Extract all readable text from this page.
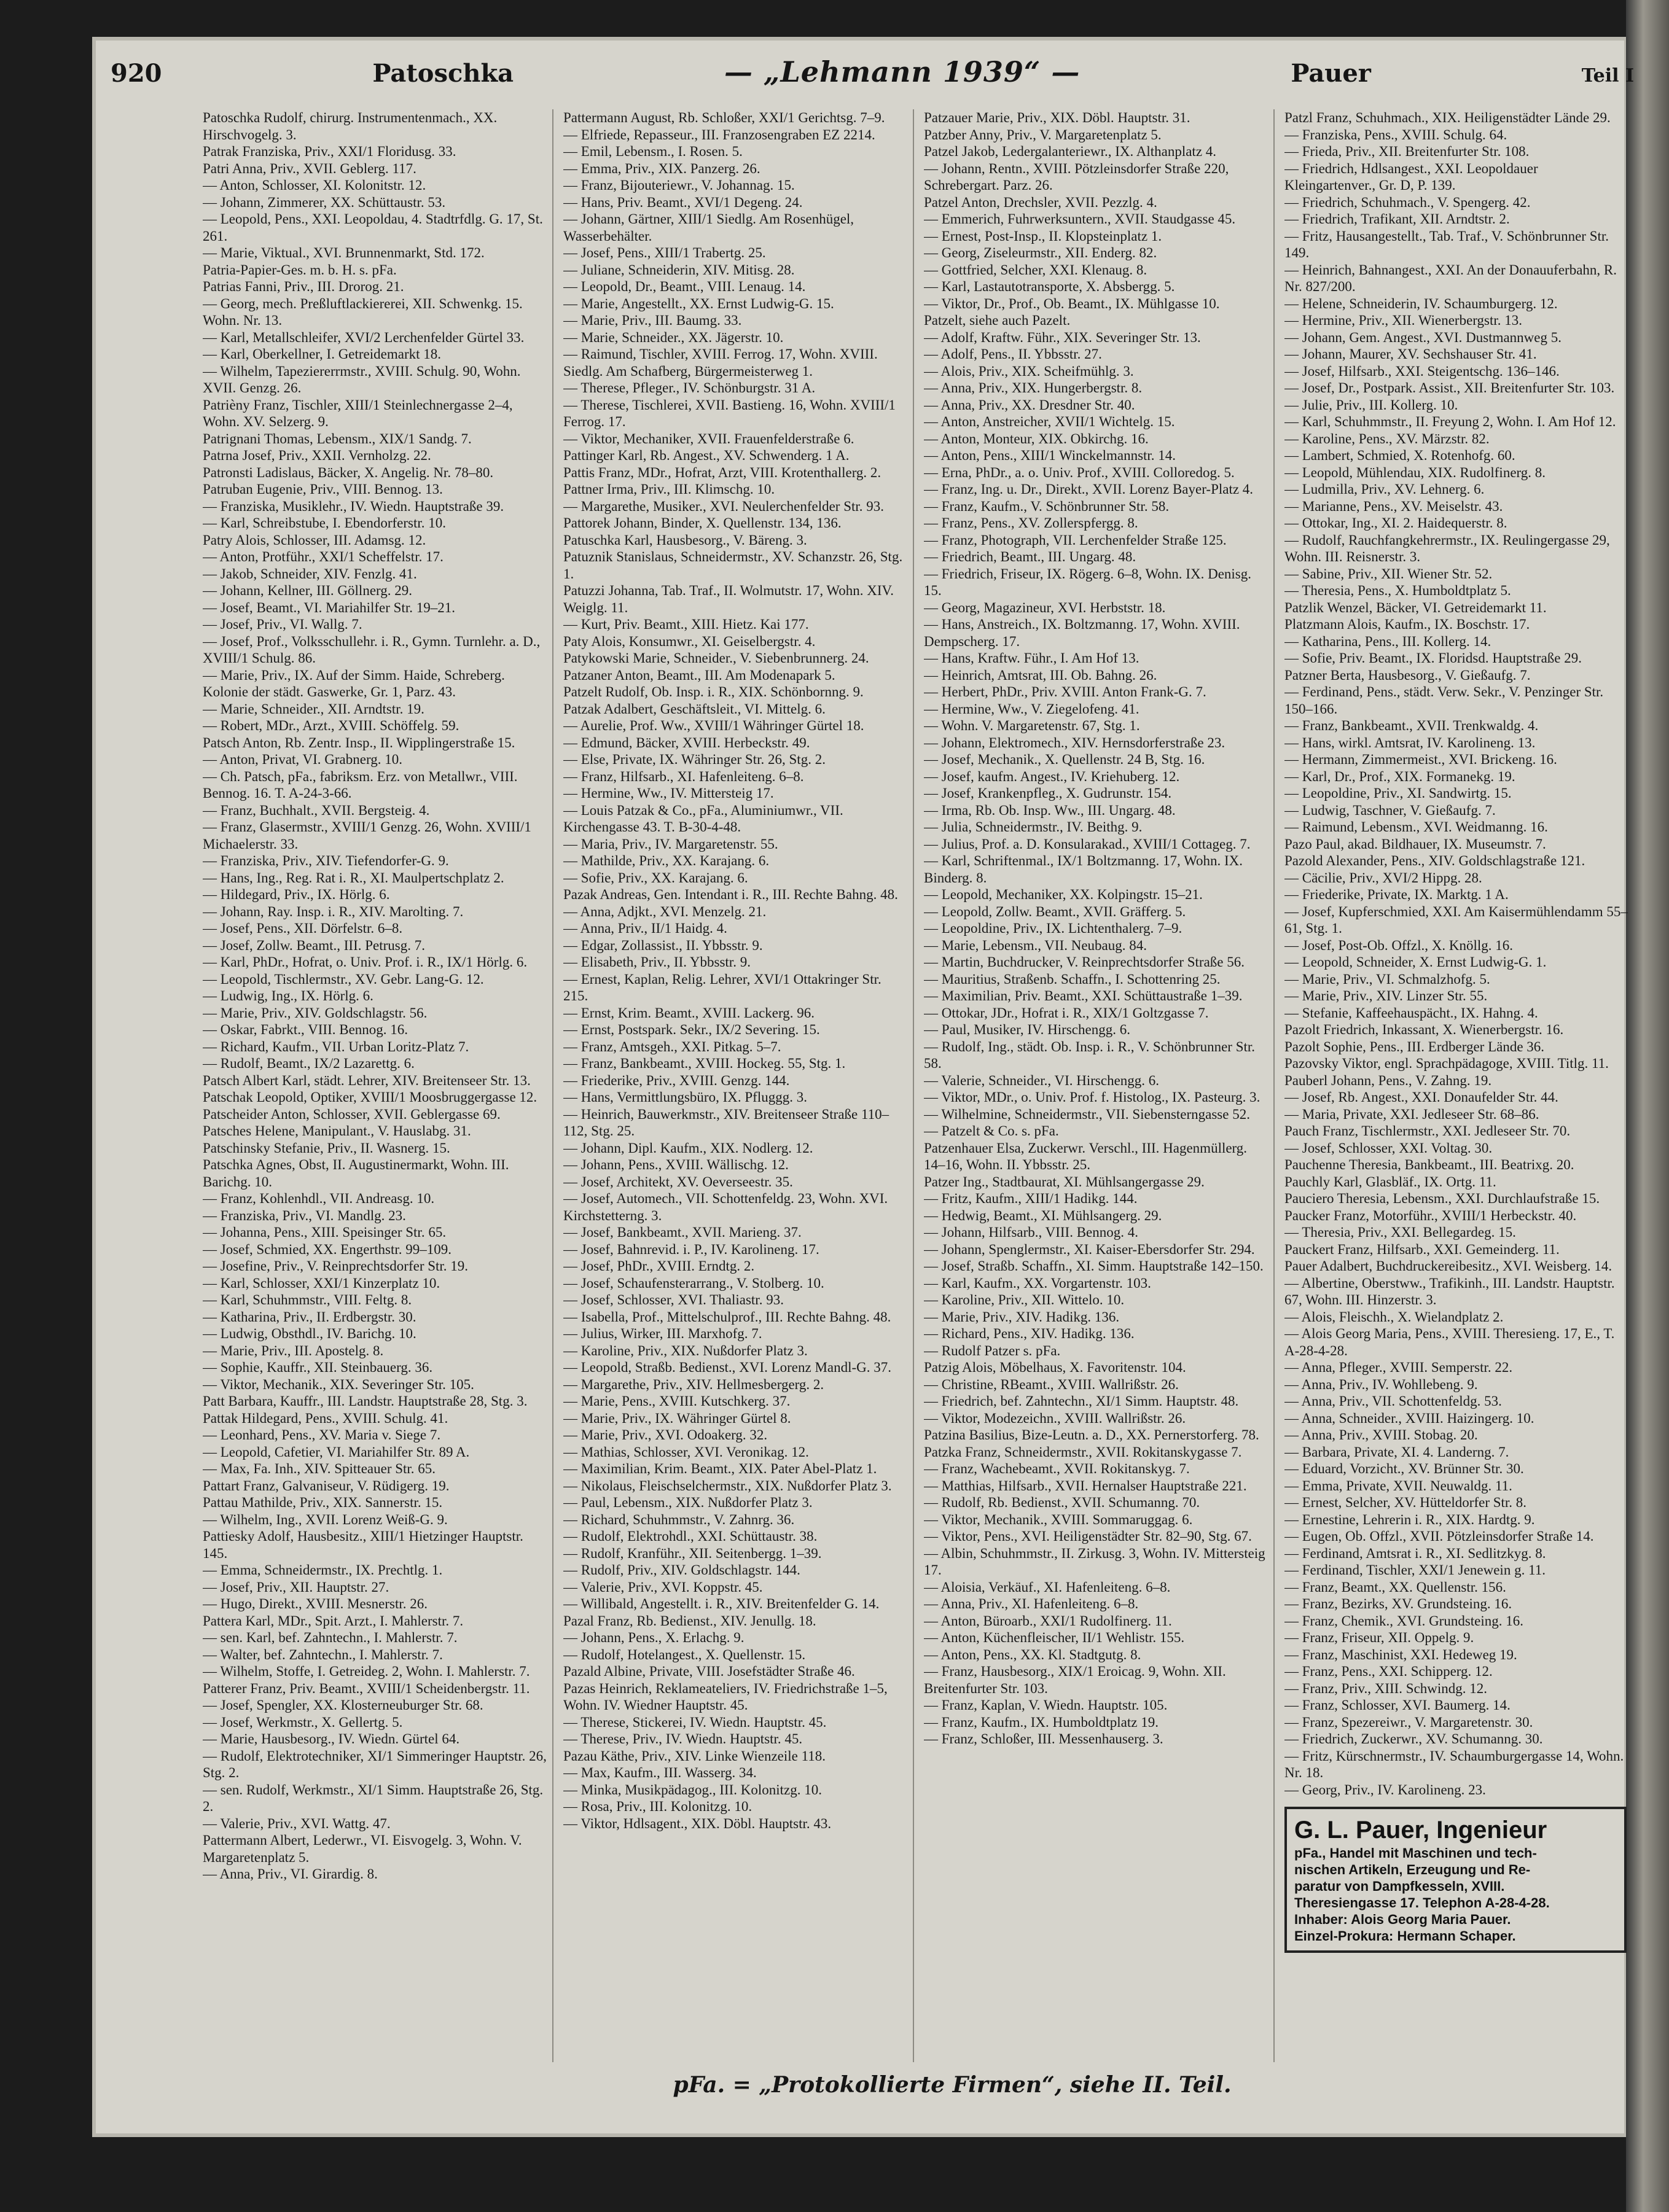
920	Patoschka	— „Lehmann 1939“ —	Pauer	Teil I

Patoschka Rudolf, chirurg. Instrumentenmach., XX. Hirschvogelg. 3.

Patrak Franziska, Priv., XXI/1 Floridusg. 33.

Patri Anna, Priv., XVII. Geblerg. 117.

— Anton, Schlosser, XI. Kolonitstr. 12.

— Johann, Zimmerer, XX. Schüttaustr. 53.

— Leopold, Pens., XXI. Leopoldau, 4. Stadtrfdlg. G. 17, St. 261.

— Marie, Viktual., XVI. Brunnenmarkt, Std. 172.

Patria-Papier-Ges. m. b. H. s. pFa.

Patrias Fanni, Priv., III. Drorog. 21.

— Georg, mech. Preßluftlackiererei, XII. Schwenkg. 15. Wohn. Nr. 13.

— Karl, Metallschleifer, XVI/2 Lerchenfelder Gürtel 33.

— Karl, Oberkellner, I. Getreidemarkt 18.

— Wilhelm, Tapeziererrmstr., XVIII. Schulg. 90, Wohn. XVII. Genzg. 26.

Patrièny Franz, Tischler, XIII/1 Steinlechnergasse 2–4, Wohn. XV. Selzerg. 9.

Patrignani Thomas, Lebensm., XIX/1 Sandg. 7.

Patrna Josef, Priv., XXII. Vernholzg. 22.

Patronsti Ladislaus, Bäcker, X. Angelig. Nr. 78–80.

Patruban Eugenie, Priv., VIII. Bennog. 13.

— Franziska, Musiklehr., IV. Wiedn. Hauptstraße 39.

— Karl, Schreibstube, I. Ebendorferstr. 10.

Patry Alois, Schlosser, III. Adamsg. 12.

— Anton, Protführ., XXI/1 Scheffelstr. 17.

— Jakob, Schneider, XIV. Fenzlg. 41.

— Johann, Kellner, III. Göllnerg. 29.

— Josef, Beamt., VI. Mariahilfer Str. 19–21.

— Josef, Priv., VI. Wallg. 7.

— Josef, Prof., Volksschullehr. i. R., Gymn. Turnlehr. a. D., XVIII/1 Schulg. 86.

— Marie, Priv., IX. Auf der Simm. Haide, Schreberg. Kolonie der städt. Gaswerke, Gr. 1, Parz. 43.

— Marie, Schneider., XII. Arndtstr. 19.

— Robert, MDr., Arzt., XVIII. Schöffelg. 59.

Patsch Anton, Rb. Zentr. Insp., II. Wipplingerstraße 15.

— Anton, Privat, VI. Grabnerg. 10.

— Ch. Patsch, pFa., fabriksm. Erz. von Metallwr., VIII. Bennog. 16. T. A-24-3-66.

— Franz, Buchhalt., XVII. Bergsteig. 4.

— Franz, Glasermstr., XVIII/1 Genzg. 26, Wohn. XVIII/1 Michaelerstr. 33.

— Franziska, Priv., XIV. Tiefendorfer-G. 9.

— Hans, Ing., Reg. Rat i. R., XI. Maulpertschplatz 2.

— Hildegard, Priv., IX. Hörlg. 6.

— Johann, Ray. Insp. i. R., XIV. Marolting. 7.

— Josef, Pens., XII. Dörfelstr. 6–8.

— Josef, Zollw. Beamt., III. Petrusg. 7.

— Karl, PhDr., Hofrat, o. Univ. Prof. i. R., IX/1 Hörlg. 6.

— Leopold, Tischlermstr., XV. Gebr. Lang-G. 12.

— Ludwig, Ing., IX. Hörlg. 6.

— Marie, Priv., XIV. Goldschlagstr. 56.

— Oskar, Fabrkt., VIII. Bennog. 16.

— Richard, Kaufm., VII. Urban Loritz-Platz 7.

— Rudolf, Beamt., IX/2 Lazarettg. 6.

Patsch Albert Karl, städt. Lehrer, XIV. Breitenseer Str. 13.

Patschak Leopold, Optiker, XVIII/1 Moosbruggergasse 12.

Patscheider Anton, Schlosser, XVII. Geblergasse 69.

Patsches Helene, Manipulant., V. Hauslabg. 31.

Patschinsky Stefanie, Priv., II. Wasnerg. 15.

Patschka Agnes, Obst, II. Augustinermarkt, Wohn. III. Barichg. 10.

— Franz, Kohlenhdl., VII. Andreasg. 10.

— Franziska, Priv., VI. Mandlg. 23.

— Johanna, Pens., XIII. Speisinger Str. 65.

— Josef, Schmied, XX. Engerthstr. 99–109.

— Josefine, Priv., V. Reinprechtsdorfer Str. 19.

— Karl, Schlosser, XXI/1 Kinzerplatz 10.

— Karl, Schuhmmstr., VIII. Feltg. 8.

— Katharina, Priv., II. Erdbergstr. 30.

— Ludwig, Obsthdl., IV. Barichg. 10.

— Marie, Priv., III. Apostelg. 8.

— Sophie, Kauffr., XII. Steinbauerg. 36.

— Viktor, Mechanik., XIX. Severinger Str. 105.

Patt Barbara, Kauffr., III. Landstr. Hauptstraße 28, Stg. 3.

Pattak Hildegard, Pens., XVIII. Schulg. 41.

— Leonhard, Pens., XV. Maria v. Siege 7.

— Leopold, Cafetier, VI. Mariahilfer Str. 89 A.

— Max, Fa. Inh., XIV. Spitteauer Str. 65.

Pattart Franz, Galvaniseur, V. Rüdigerg. 19.

Pattau Mathilde, Priv., XIX. Sannerstr. 15.

— Wilhelm, Ing., XVII. Lorenz Weiß-G. 9.

Pattiesky Adolf, Hausbesitz., XIII/1 Hietzinger Hauptstr. 145.

— Emma, Schneidermstr., IX. Prechtlg. 1.

— Josef, Priv., XII. Hauptstr. 27.

— Hugo, Direkt., XVIII. Mesnerstr. 26.

Pattera Karl, MDr., Spit. Arzt., I. Mahlerstr. 7.

— sen. Karl, bef. Zahntechn., I. Mahlerstr. 7.

— Walter, bef. Zahntechn., I. Mahlerstr. 7.

— Wilhelm, Stoffe, I. Getreideg. 2, Wohn. I. Mahlerstr. 7.

Patterer Franz, Priv. Beamt., XVIII/1 Scheidenbergstr. 11.

— Josef, Spengler, XX. Klosterneuburger Str. 68.

— Josef, Werkmstr., X. Gellertg. 5.

— Marie, Hausbesorg., IV. Wiedn. Gürtel 64.

— Rudolf, Elektrotechniker, XI/1 Simmeringer Hauptstr. 26, Stg. 2.

— sen. Rudolf, Werkmstr., XI/1 Simm. Hauptstraße 26, Stg. 2.

— Valerie, Priv., XVI. Wattg. 47.

Pattermann Albert, Lederwr., VI. Eisvogelg. 3, Wohn. V. Margaretenplatz 5.

— Anna, Priv., VI. Girardig. 8.

Pattermann August, Rb. Schloßer, XXI/1 Gerichtsg. 7–9.

— Elfriede, Repasseur., III. Franzosengraben EZ 2214.

— Emil, Lebensm., I. Rosen. 5.

— Emma, Priv., XIX. Panzerg. 26.

— Franz, Bijouteriewr., V. Johannag. 15.

— Hans, Priv. Beamt., XVI/1 Degeng. 24.

— Johann, Gärtner, XIII/1 Siedlg. Am Rosenhügel, Wasserbehälter.

— Josef, Pens., XIII/1 Trabertg. 25.

— Juliane, Schneiderin, XIV. Mitisg. 28.

— Leopold, Dr., Beamt., VIII. Lenaug. 14.

— Marie, Angestellt., XX. Ernst Ludwig-G. 15.

— Marie, Priv., III. Baumg. 33.

— Marie, Schneider., XX. Jägerstr. 10.

— Raimund, Tischler, XVIII. Ferrog. 17, Wohn. XVIII. Siedlg. Am Schafberg, Bürgermeisterweg 1.

— Therese, Pfleger., IV. Schönburgstr. 31 A.

— Therese, Tischlerei, XVII. Bastieng. 16, Wohn. XVIII/1 Ferrog. 17.

— Viktor, Mechaniker, XVII. Frauenfelderstraße 6.

Pattinger Karl, Rb. Angest., XV. Schwenderg. 1 A.

Pattis Franz, MDr., Hofrat, Arzt, VIII. Krotenthallerg. 2.

Pattner Irma, Priv., III. Klimschg. 10.

— Margarethe, Musiker., XVI. Neulerchenfelder Str. 93.

Pattorek Johann, Binder, X. Quellenstr. 134, 136.

Patuschka Karl, Hausbesorg., V. Bäreng. 3.

Patuznik Stanislaus, Schneidermstr., XV. Schanzstr. 26, Stg. 1.

Patuzzi Johanna, Tab. Traf., II. Wolmutstr. 17, Wohn. XIV. Weiglg. 11.

— Kurt, Priv. Beamt., XIII. Hietz. Kai 177.

Paty Alois, Konsumwr., XI. Geiselbergstr. 4.

Patykowski Marie, Schneider., V. Siebenbrunnerg. 24.

Patzaner Anton, Beamt., III. Am Modenapark 5.

Patzelt Rudolf, Ob. Insp. i. R., XIX. Schönbornng. 9.

Patzak Adalbert, Geschäftsleit., VI. Mittelg. 6.

— Aurelie, Prof. Ww., XVIII/1 Währinger Gürtel 18.

— Edmund, Bäcker, XVIII. Herbeckstr. 49.

— Else, Private, IX. Währinger Str. 26, Stg. 2.

— Franz, Hilfsarb., XI. Hafenleiteng. 6–8.

— Hermine, Ww., IV. Mittersteig 17.

— Louis Patzak & Co., pFa., Aluminiumwr., VII. Kirchengasse 43. T. B-30-4-48.

— Maria, Priv., IV. Margaretenstr. 55.

— Mathilde, Priv., XX. Karajang. 6.

— Sofie, Priv., XX. Karajang. 6.

Pazak Andreas, Gen. Intendant i. R., III. Rechte Bahng. 48.

— Anna, Adjkt., XVI. Menzelg. 21.

— Anna, Priv., II/1 Haidg. 4.

— Edgar, Zollassist., II. Ybbsstr. 9.

— Elisabeth, Priv., II. Ybbsstr. 9.

— Ernest, Kaplan, Relig. Lehrer, XVI/1 Ottakringer Str. 215.

— Ernst, Krim. Beamt., XVIII. Lackerg. 96.

— Ernst, Postspark. Sekr., IX/2 Severing. 15.

— Franz, Amtsgeh., XXI. Pitkag. 5–7.

— Franz, Bankbeamt., XVIII. Hockeg. 55, Stg. 1.

— Friederike, Priv., XVIII. Genzg. 144.

— Hans, Vermittlungsbüro, IX. Pfluggg. 3.

— Heinrich, Bauwerkmstr., XIV. Breitenseer Straße 110–112, Stg. 25.

— Johann, Dipl. Kaufm., XIX. Nodlerg. 12.

— Johann, Pens., XVIII. Wällischg. 12.

— Josef, Architekt, XV. Oeverseestr. 35.

— Josef, Automech., VII. Schottenfeldg. 23, Wohn. XVI. Kirchstetterng. 3.

— Josef, Bankbeamt., XVII. Marieng. 37.

— Josef, Bahnrevid. i. P., IV. Karolineng. 17.

— Josef, PhDr., XVIII. Erndtg. 2.

— Josef, Schaufensterarrang., V. Stolberg. 10.

— Josef, Schlosser, XVI. Thaliastr. 93.

— Isabella, Prof., Mittelschulprof., III. Rechte Bahng. 48.

— Julius, Wirker, III. Marxhofg. 7.

— Karoline, Priv., XIX. Nußdorfer Platz 3.

— Leopold, Straßb. Bedienst., XVI. Lorenz Mandl-G. 37.

— Margarethe, Priv., XIV. Hellmesbergerg. 2.

— Marie, Pens., XVIII. Kutschkerg. 37.

— Marie, Priv., IX. Währinger Gürtel 8.

— Marie, Priv., XVI. Odoakerg. 32.

— Mathias, Schlosser, XVI. Veronikag. 12.

— Maximilian, Krim. Beamt., XIX. Pater Abel-Platz 1.

— Nikolaus, Fleischselchermstr., XIX. Nußdorfer Platz 3.

— Paul, Lebensm., XIX. Nußdorfer Platz 3.

— Richard, Schuhmmstr., V. Zahnrg. 36.

— Rudolf, Elektrohdl., XXI. Schüttaustr. 38.

— Rudolf, Kranführ., XII. Seitenbergg. 1–39.

— Rudolf, Priv., XIV. Goldschlagstr. 144.

— Valerie, Priv., XVI. Koppstr. 45.

— Willibald, Angestellt. i. R., XIV. Breitenfelder G. 14.

Pazal Franz, Rb. Bedienst., XIV. Jenullg. 18.

— Johann, Pens., X. Erlachg. 9.

— Rudolf, Hotelangest., X. Quellenstr. 15.

Pazald Albine, Private, VIII. Josefstädter Straße 46.

Pazas Heinrich, Reklameateliers, IV. Friedrichstraße 1–5, Wohn. IV. Wiedner Hauptstr. 45.

— Therese, Stickerei, IV. Wiedn. Hauptstr. 45.

— Therese, Priv., IV. Wiedn. Hauptstr. 45.

Pazau Käthe, Priv., XIV. Linke Wienzeile 118.

— Max, Kaufm., III. Wasserg. 34.

— Minka, Musikpädagog., III. Kolonitzg. 10.

— Rosa, Priv., III. Kolonitzg. 10.

— Viktor, Hdlsagent., XIX. Döbl. Hauptstr. 43.

Patzauer Marie, Priv., XIX. Döbl. Hauptstr. 31.

Patzber Anny, Priv., V. Margaretenplatz 5.

Patzel Jakob, Ledergalanteriewr., IX. Althanplatz 4.

— Johann, Rentn., XVIII. Pötzleinsdorfer Straße 220, Schrebergart. Parz. 26.

Patzel Anton, Drechsler, XVII. Pezzlg. 4.

— Emmerich, Fuhrwerksuntern., XVII. Staudgasse 45.

— Ernest, Post-Insp., II. Klopsteinplatz 1.

— Georg, Ziseleurmstr., XII. Enderg. 82.

— Gottfried, Selcher, XXI. Klenaug. 8.

— Karl, Lastautotransporte, X. Absbergg. 5.

— Viktor, Dr., Prof., Ob. Beamt., IX. Mühlgasse 10.

Patzelt, siehe auch Pazelt.

— Adolf, Kraftw. Führ., XIX. Severinger Str. 13.

— Adolf, Pens., II. Ybbsstr. 27.

— Alois, Priv., XIX. Scheifmühlg. 3.

— Anna, Priv., XIX. Hungerbergstr. 8.

— Anna, Priv., XX. Dresdner Str. 40.

— Anton, Anstreicher, XVII/1 Wichtelg. 15.

— Anton, Monteur, XIX. Obkirchg. 16.

— Anton, Pens., XIII/1 Winckelmannstr. 14.

— Erna, PhDr., a. o. Univ. Prof., XVIII. Colloredog. 5.

— Franz, Ing. u. Dr., Direkt., XVII. Lorenz Bayer-Platz 4.

— Franz, Kaufm., V. Schönbrunner Str. 58.

— Franz, Pens., XV. Zollerspfergg. 8.

— Franz, Photograph, VII. Lerchenfelder Straße 125.

— Friedrich, Beamt., III. Ungarg. 48.

— Friedrich, Friseur, IX. Rögerg. 6–8, Wohn. IX. Denisg. 15.

— Georg, Magazineur, XVI. Herbststr. 18.

— Hans, Anstreich., IX. Boltzmanng. 17, Wohn. XVIII. Dempscherg. 17.

— Hans, Kraftw. Führ., I. Am Hof 13.

— Heinrich, Amtsrat, III. Ob. Bahng. 26.

— Herbert, PhDr., Priv. XVIII. Anton Frank-G. 7.

— Hermine, Ww., V. Ziegelofeng. 41.

— Wohn. V. Margaretenstr. 67, Stg. 1.

— Johann, Elektromech., XIV. Hernsdorferstraße 23.

— Josef, Mechanik., X. Quellenstr. 24 B, Stg. 16.

— Josef, kaufm. Angest., IV. Kriehuberg. 12.

— Josef, Krankenpfleg., X. Gudrunstr. 154.

— Irma, Rb. Ob. Insp. Ww., III. Ungarg. 48.

— Julia, Schneidermstr., IV. Beithg. 9.

— Julius, Prof. a. D. Konsularakad., XVIII/1 Cottageg. 7.

— Karl, Schriftenmal., IX/1 Boltzmanng. 17, Wohn. IX. Binderg. 8.

— Leopold, Mechaniker, XX. Kolpingstr. 15–21.

— Leopold, Zollw. Beamt., XVII. Gräfferg. 5.

— Leopoldine, Priv., IX. Lichtenthalerg. 7–9.

— Marie, Lebensm., VII. Neubaug. 84.

— Martin, Buchdrucker, V. Reinprechtsdorfer Straße 56.

— Mauritius, Straßenb. Schaffn., I. Schottenring 25.

— Maximilian, Priv. Beamt., XXI. Schüttaustraße 1–39.

— Ottokar, JDr., Hofrat i. R., XIX/1 Goltzgasse 7.

— Paul, Musiker, IV. Hirschengg. 6.

— Rudolf, Ing., städt. Ob. Insp. i. R., V. Schönbrunner Str. 58.

— Valerie, Schneider., VI. Hirschengg. 6.

— Viktor, MDr., o. Univ. Prof. f. Histolog., IX. Pasteurg. 3.

— Wilhelmine, Schneidermstr., VII. Siebensterngasse 52.

— Patzelt & Co. s. pFa.

Patzenhauer Elsa, Zuckerwr. Verschl., III. Hagenmüllerg. 14–16, Wohn. II. Ybbsstr. 25.

Patzer Ing., Stadtbaurat, XI. Mühlsangergasse 29.

— Fritz, Kaufm., XIII/1 Hadikg. 144.

— Hedwig, Beamt., XI. Mühlsangerg. 29.

— Johann, Hilfsarb., VIII. Bennog. 4.

— Johann, Spenglermstr., XI. Kaiser-Ebersdorfer Str. 294.

— Josef, Straßb. Schaffn., XI. Simm. Hauptstraße 142–150.

— Karl, Kaufm., XX. Vorgartenstr. 103.

— Karoline, Priv., XII. Wittelo. 10.

— Marie, Priv., XIV. Hadikg. 136.

— Richard, Pens., XIV. Hadikg. 136.

— Rudolf Patzer s. pFa.

Patzig Alois, Möbelhaus, X. Favoritenstr. 104.

— Christine, RBeamt., XVIII. Wallrißstr. 26.

— Friedrich, bef. Zahntechn., XI/1 Simm. Hauptstr. 48.

— Viktor, Modezeichn., XVIII. Wallrißstr. 26.

Patzina Basilius, Bize-Leutn. a. D., XX. Pernerstorferg. 78.

Patzka Franz, Schneidermstr., XVII. Rokitanskygasse 7.

— Franz, Wachebeamt., XVII. Rokitanskyg. 7.

— Matthias, Hilfsarb., XVII. Hernalser Hauptstraße 221.

— Rudolf, Rb. Bedienst., XVII. Schumanng. 70.

— Viktor, Mechanik., XVIII. Sommaruggag. 6.

— Viktor, Pens., XVI. Heiligenstädter Str. 82–90, Stg. 67.

— Albin, Schuhmmstr., II. Zirkusg. 3, Wohn. IV. Mittersteig 17.

— Aloisia, Verkäuf., XI. Hafenleiteng. 6–8.

— Anna, Priv., XI. Hafenleiteng. 6–8.

— Anton, Büroarb., XXI/1 Rudolfinerg. 11.

— Anton, Küchenfleischer, II/1 Wehlistr. 155.

— Anton, Pens., XX. Kl. Stadtgutg. 8.

— Franz, Hausbesorg., XIX/1 Eroicag. 9, Wohn. XII. Breitenfurter Str. 103.

— Franz, Kaplan, V. Wiedn. Hauptstr. 105.

— Franz, Kaufm., IX. Humboldtplatz 19.

— Franz, Schloßer, III. Messenhauserg. 3.

Patzl Franz, Schuhmach., XIX. Heiligenstädter Lände 29.

— Franziska, Pens., XVIII. Schulg. 64.

— Frieda, Priv., XII. Breitenfurter Str. 108.

— Friedrich, Hdlsangest., XXI. Leopoldauer Kleingartenver., Gr. D, P. 139.

— Friedrich, Schuhmach., V. Spengerg. 42.

— Friedrich, Trafikant, XII. Arndtstr. 2.

— Fritz, Hausangestellt., Tab. Traf., V. Schönbrunner Str. 149.

— Heinrich, Bahnangest., XXI. An der Donauuferbahn, R. Nr. 827/200.

— Helene, Schneiderin, IV. Schaumburgerg. 12.

— Hermine, Priv., XII. Wienerbergstr. 13.

— Johann, Gem. Angest., XVI. Dustmannweg 5.

— Johann, Maurer, XV. Sechshauser Str. 41.

— Josef, Hilfsarb., XXI. Steigentschg. 136–146.

— Josef, Dr., Postpark. Assist., XII. Breitenfurter Str. 103.

— Julie, Priv., III. Kollerg. 10.

— Karl, Schuhmmstr., II. Freyung 2, Wohn. I. Am Hof 12.

— Karoline, Pens., XV. Märzstr. 82.

— Lambert, Schmied, X. Rotenhofg. 60.

— Leopold, Mühlendau, XIX. Rudolfinerg. 8.

— Ludmilla, Priv., XV. Lehnerg. 6.

— Marianne, Pens., XV. Meiselstr. 43.

— Ottokar, Ing., XI. 2. Haidequerstr. 8.

— Rudolf, Rauchfangkehrermstr., IX. Reulingergasse 29, Wohn. III. Reisnerstr. 3.

— Sabine, Priv., XII. Wiener Str. 52.

— Theresia, Pens., X. Humboldtplatz 5.

Patzlik Wenzel, Bäcker, VI. Getreidemarkt 11.

Platzmann Alois, Kaufm., IX. Boschstr. 17.

— Katharina, Pens., III. Kollerg. 14.

— Sofie, Priv. Beamt., IX. Floridsd. Hauptstraße 29.

Patzner Berta, Hausbesorg., V. Gießaufg. 7.

— Ferdinand, Pens., städt. Verw. Sekr., V. Penzinger Str. 150–166.

— Franz, Bankbeamt., XVII. Trenkwaldg. 4.

— Hans, wirkl. Amtsrat, IV. Karolineng. 13.

— Hermann, Zimmermeist., XVI. Brickeng. 16.

— Karl, Dr., Prof., XIX. Formanekg. 19.

— Leopoldine, Priv., XI. Sandwirtg. 15.

— Ludwig, Taschner, V. Gießaufg. 7.

— Raimund, Lebensm., XVI. Weidmanng. 16.

Pazo Paul, akad. Bildhauer, IX. Museumstr. 7.

Pazold Alexander, Pens., XIV. Goldschlagstraße 121.

— Cäcilie, Priv., XVI/2 Hippg. 28.

— Friederike, Private, IX. Marktg. 1 A.

— Josef, Kupferschmied, XXI. Am Kaisermühlendamm 55–61, Stg. 1.

— Josef, Post-Ob. Offzl., X. Knöllg. 16.

— Leopold, Schneider, X. Ernst Ludwig-G. 1.

— Marie, Priv., VI. Schmalzhofg. 5.

— Marie, Priv., XIV. Linzer Str. 55.

— Stefanie, Kaffeehauspächt., IX. Hahng. 4.

Pazolt Friedrich, Inkassant, X. Wienerbergstr. 16.

Pazolt Sophie, Pens., III. Erdberger Lände 36.

Pazovsky Viktor, engl. Sprachpädagoge, XVIII. Titlg. 11.

Pauberl Johann, Pens., V. Zahng. 19.

— Josef, Rb. Angest., XXI. Donaufelder Str. 44.

— Maria, Private, XXI. Jedleseer Str. 68–86.

Pauch Franz, Tischlermstr., XXI. Jedleseer Str. 70.

— Josef, Schlosser, XXI. Voltag. 30.

Pauchenne Theresia, Bankbeamt., III. Beatrixg. 20.

Pauchly Karl, Glasbläf., IX. Ortg. 11.

Pauciero Theresia, Lebensm., XXI. Durchlaufstraße 15.

Paucker Franz, Motorführ., XVIII/1 Herbeckstr. 40.

— Theresia, Priv., XXI. Bellegardeg. 15.

Pauckert Franz, Hilfsarb., XXI. Gemeinderg. 11.

Pauer Adalbert, Buchdruckereibesitz., XVI. Weisberg. 14.

— Albertine, Oberstww., Trafikinh., III. Landstr. Hauptstr. 67, Wohn. III. Hinzerstr. 3.

— Alois, Fleischh., X. Wielandplatz 2.

— Alois Georg Maria, Pens., XVIII. Theresieng. 17, E., T. A-28-4-28.

— Anna, Pfleger., XVIII. Semperstr. 22.

— Anna, Priv., IV. Wohllebeng. 9.

— Anna, Priv., VII. Schottenfeldg. 53.

— Anna, Schneider., XVIII. Haizingerg. 10.

— Anna, Priv., XVIII. Stobag. 20.

— Barbara, Private, XI. 4. Landerng. 7.

— Eduard, Vorzicht., XV. Brünner Str. 30.

— Emma, Private, XVII. Neuwaldg. 11.

— Ernest, Selcher, XV. Hütteldorfer Str. 8.

— Ernestine, Lehrerin i. R., XIX. Hardtg. 9.

— Eugen, Ob. Offzl., XVII. Pötzleinsdorfer Straße 14.

— Ferdinand, Amtsrat i. R., XI. Sedlitzkyg. 8.

— Ferdinand, Tischler, XXI/1 Jenewein g. 11.

— Franz, Beamt., XX. Quellenstr. 156.

— Franz, Bezirks, XV. Grundsteing. 16.

— Franz, Chemik., XVI. Grundsteing. 16.

— Franz, Friseur, XII. Oppelg. 9.

— Franz, Maschinist, XXI. Hedeweg 19.

— Franz, Pens., XXI. Schipperg. 12.

— Franz, Priv., XIII. Schwindg. 12.

— Franz, Schlosser, XVI. Baumerg. 14.

— Franz, Spezereiwr., V. Margaretenstr. 30.

— Friedrich, Zuckerwr., XV. Schumanng. 30.

— Fritz, Kürschnermstr., IV. Schaumburgergasse 14, Wohn. Nr. 18.

— Georg, Priv., IV. Karolineng. 23.

G. L. Pauer, Ingenieur
pFa., Handel mit Maschinen und tech-
nischen Artikeln, Erzeugung und Re-
paratur von Dampfkesseln, XVIII.
Theresiengasse 17. Telephon A-28-4-28.
Inhaber: Alois Georg Maria Pauer.
Einzel-Prokura: Hermann Schaper.
pFa. = „Protokollierte Firmen“, siehe II. Teil.
